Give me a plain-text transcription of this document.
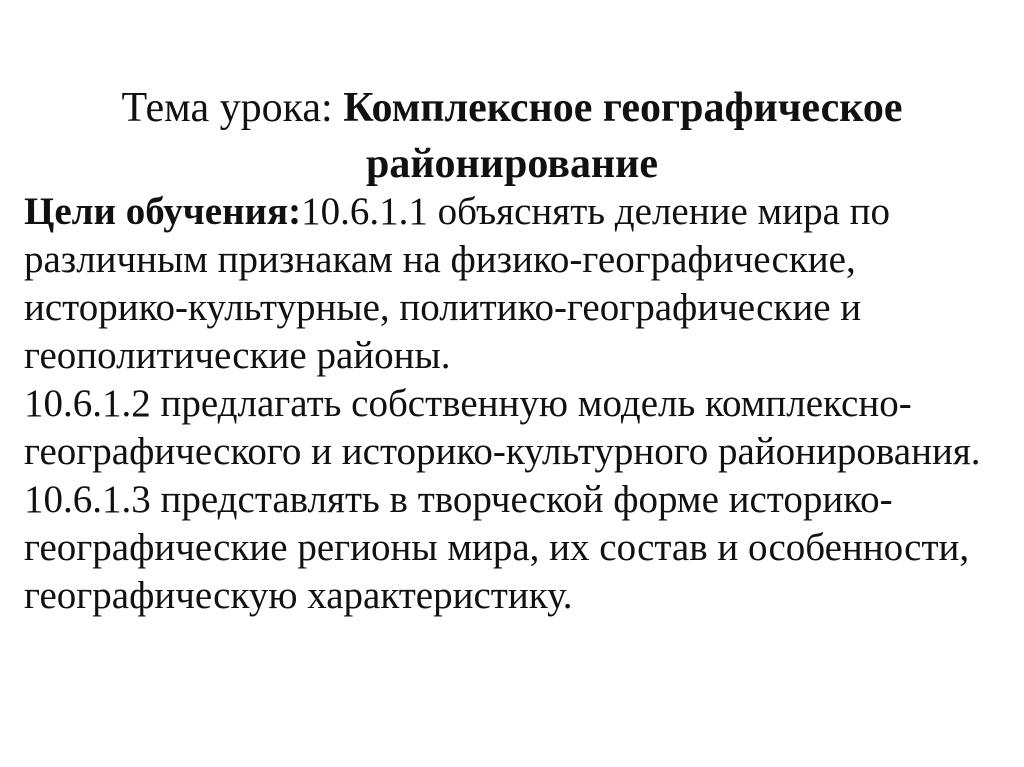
Тема урока: Комплексное географическое
районирование

Цели обучения:10.6.1.1 объяснять деление мира по различным признакам на физико-географические, историко-культурные, политико-географические и геополитические районы.

10.6.1.2 предлагать собственную модель комплексно-географического и историко-культурного районирования.

10.6.1.3 представлять в творческой форме историко-географические регионы мира, их состав и особенности, географическую характеристику.
